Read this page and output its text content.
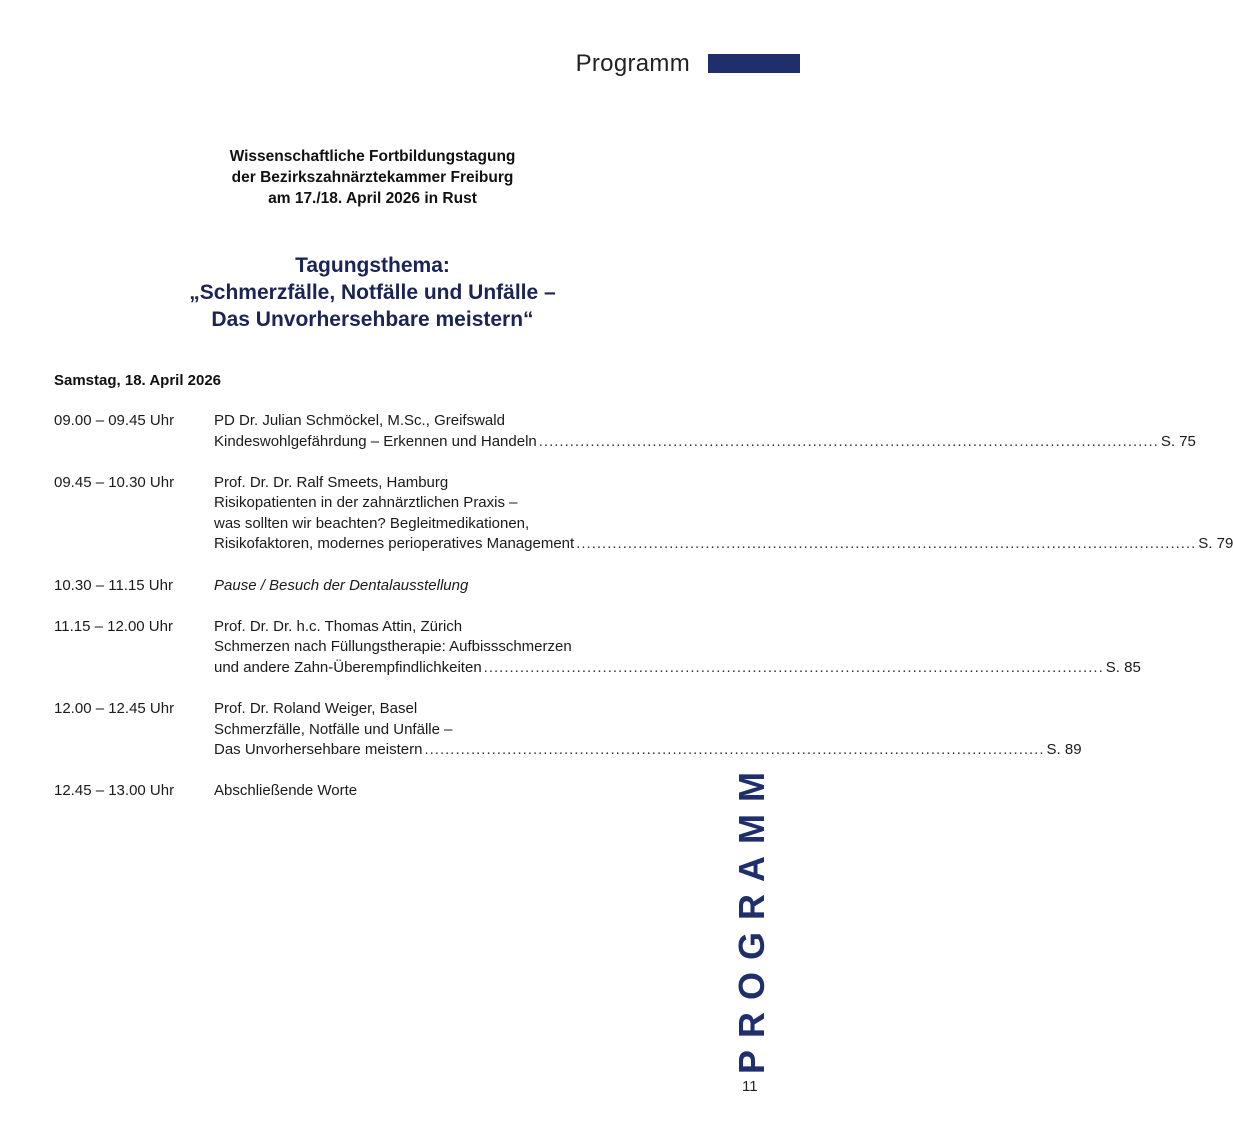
Programm
Wissenschaftliche Fortbildungstagung
der Bezirkszahnärztekammer Freiburg
am 17./18. April 2026 in Rust
Tagungsthema:
„Schmerzfälle, Notfälle und Unfälle –
Das Unvorhersehbare meistern“
Samstag, 18. April 2026
09.00 – 09.45 Uhr	PD Dr. Julian Schmöckel, M.Sc., Greifswald
Kindeswohlgefährdung – Erkennen und Handeln .....	S. 75
09.45 – 10.30 Uhr	Prof. Dr. Dr. Ralf Smeets, Hamburg
Risikopatienten in der zahnärztlichen Praxis –
was sollten wir beachten? Begleitmedikationen,
Risikofaktoren, modernes perioperatives Management .....	S. 79
10.30 – 11.15 Uhr	Pause / Besuch der Dentalausstellung
11.15 – 12.00 Uhr	Prof. Dr. Dr. h.c. Thomas Attin, Zürich
Schmerzen nach Füllungstherapie: Aufbissschmerzen
und andere Zahn-Überempfindlichkeiten .....	S. 85
12.00 – 12.45 Uhr	Prof. Dr. Roland Weiger, Basel
Schmerzfälle, Notfälle und Unfälle –
Das Unvorhersehbare meistern .....	S. 89
12.45 – 13.00 Uhr	Abschließende Worte	PROGRAMM
11
